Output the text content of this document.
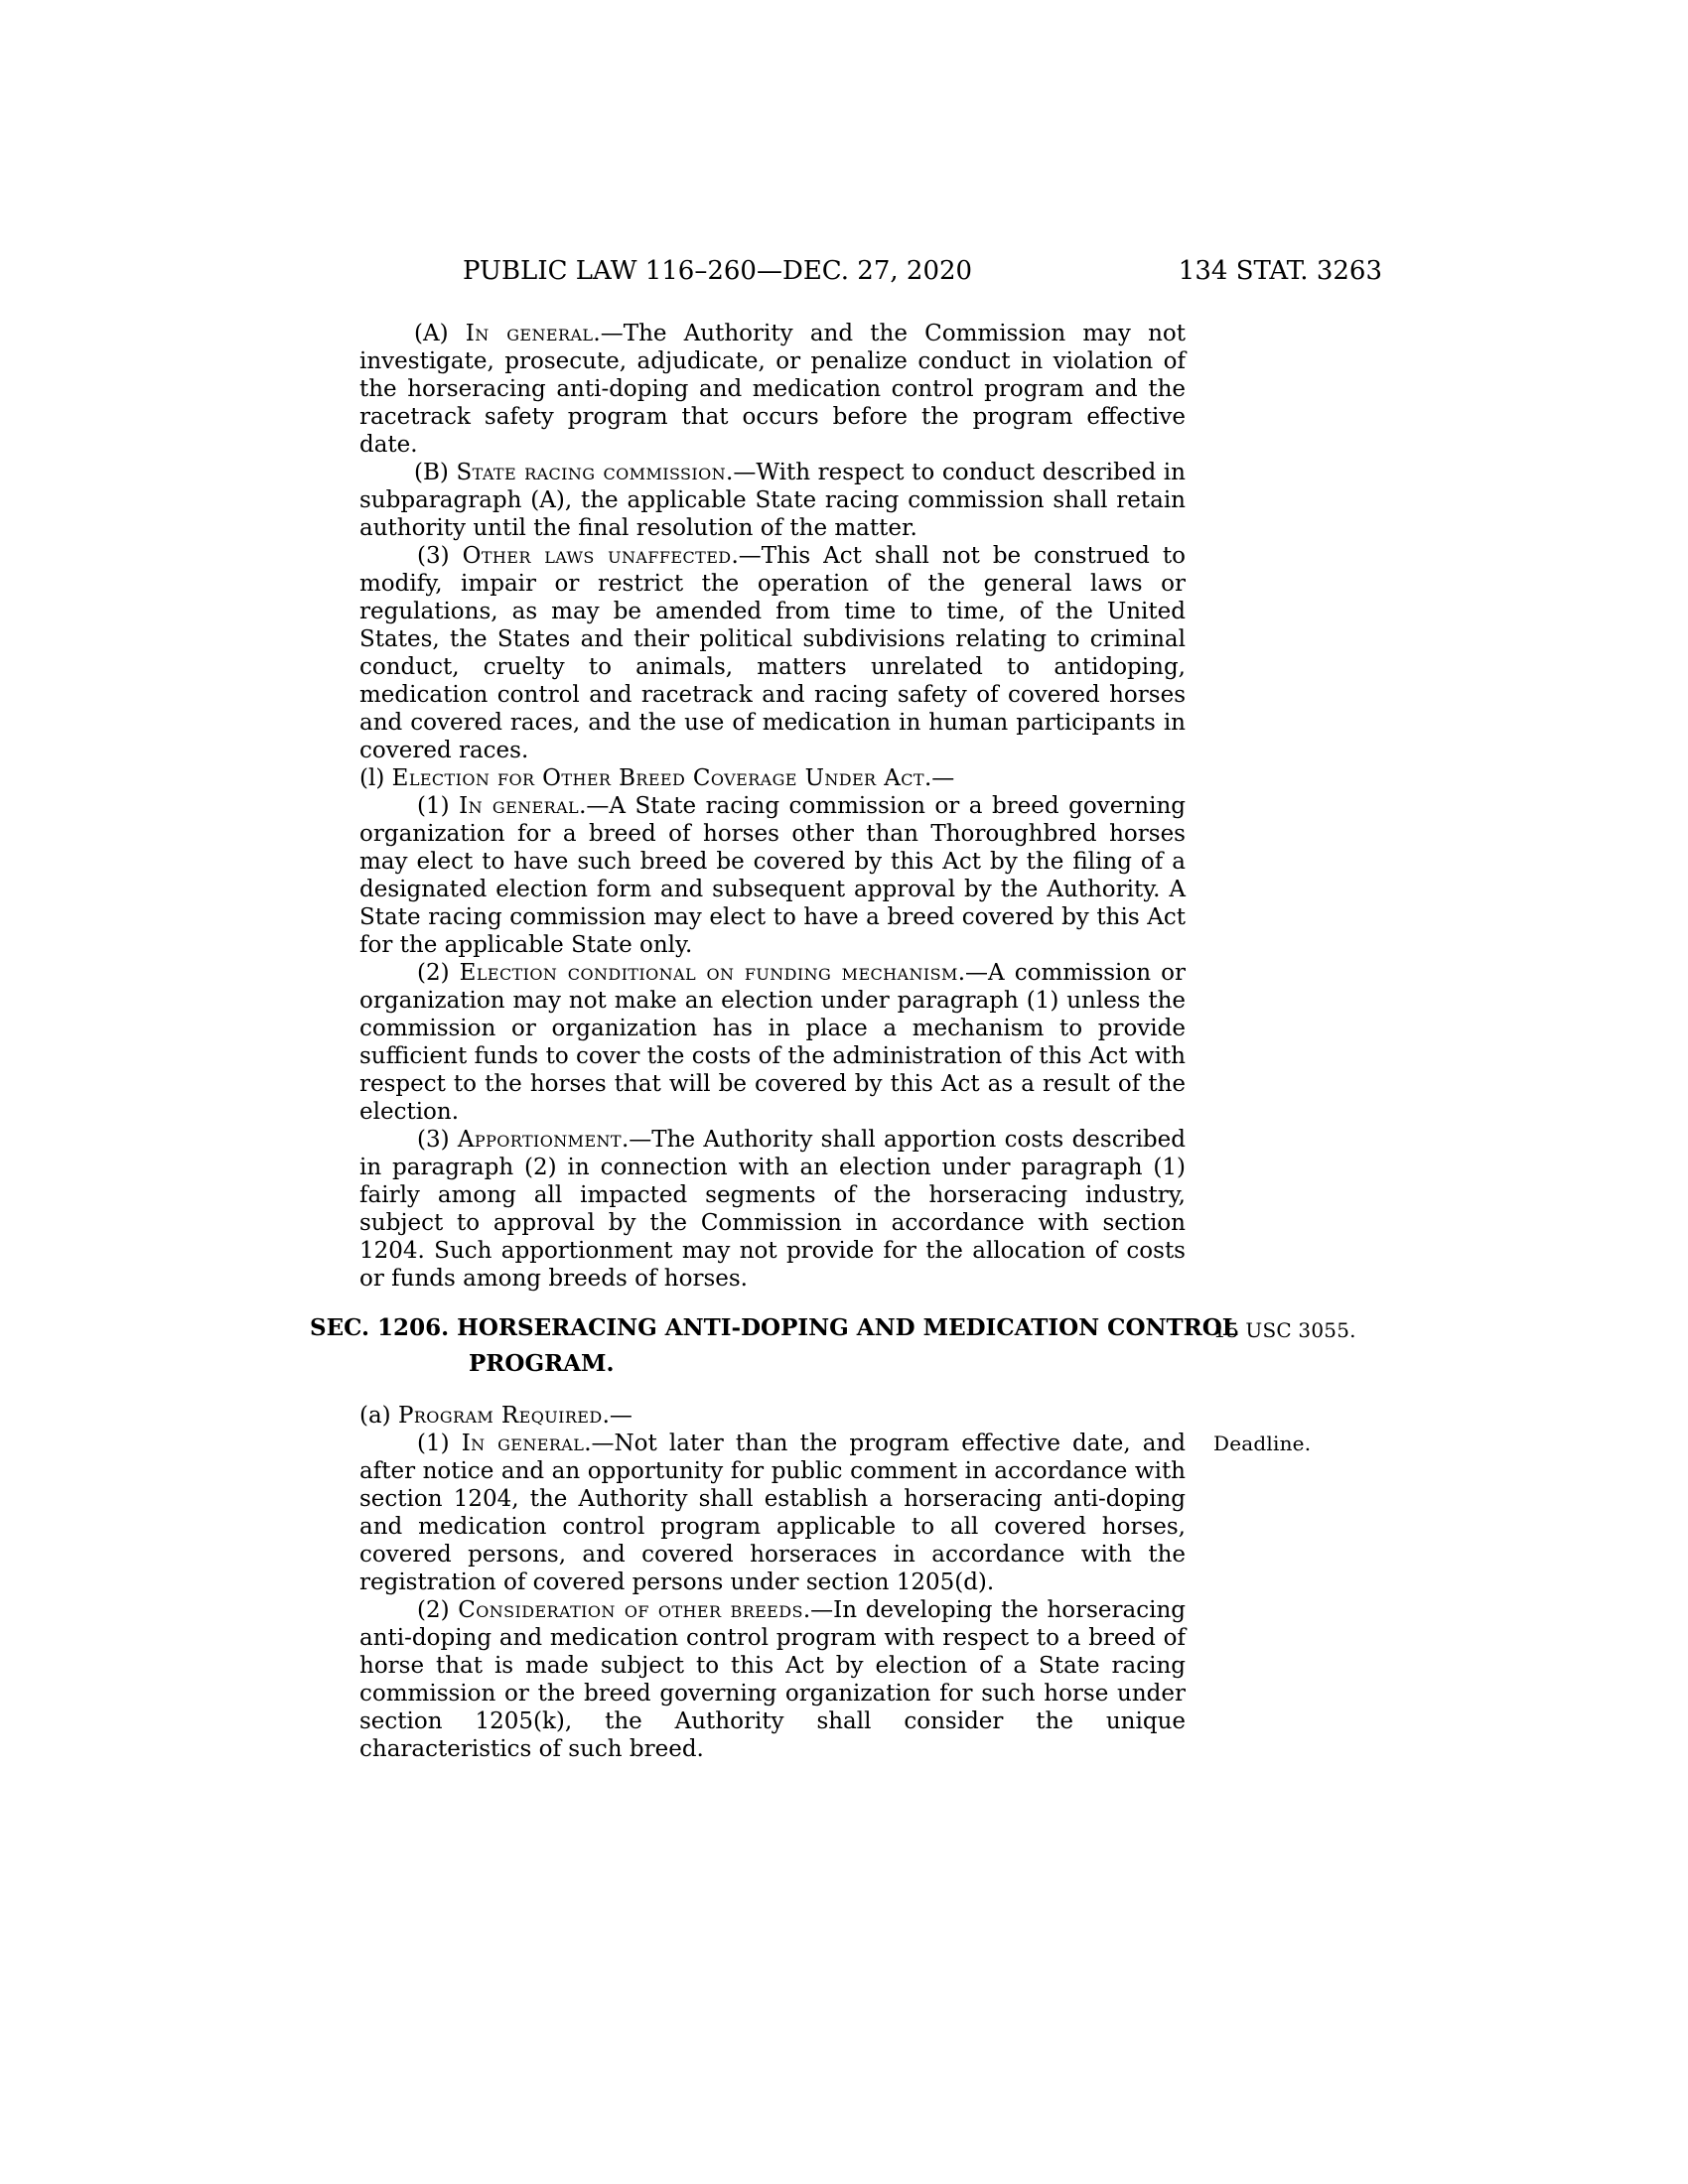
PUBLIC LAW 116–260—DEC. 27, 2020	134 STAT. 3263

(A) In general.—The Authority and the Commission may not investigate, prosecute, adjudicate, or penalize conduct in violation of the horseracing anti-doping and medication control program and the racetrack safety program that occurs before the program effective date.

(B) State racing commission.—With respect to conduct described in subparagraph (A), the applicable State racing commission shall retain authority until the final resolution of the matter.

(3) Other laws unaffected.—This Act shall not be construed to modify, impair or restrict the operation of the general laws or regulations, as may be amended from time to time, of the United States, the States and their political subdivisions relating to criminal conduct, cruelty to animals, matters unrelated to antidoping, medication control and racetrack and racing safety of covered horses and covered races, and the use of medication in human participants in covered races.

(l) Election for Other Breed Coverage Under Act.—

(1) In general.—A State racing commission or a breed governing organization for a breed of horses other than Thoroughbred horses may elect to have such breed be covered by this Act by the filing of a designated election form and subsequent approval by the Authority. A State racing commission may elect to have a breed covered by this Act for the applicable State only.

(2) Election conditional on funding mechanism.—A commission or organization may not make an election under paragraph (1) unless the commission or organization has in place a mechanism to provide sufficient funds to cover the costs of the administration of this Act with respect to the horses that will be covered by this Act as a result of the election.

(3) Apportionment.—The Authority shall apportion costs described in paragraph (2) in connection with an election under paragraph (1) fairly among all impacted segments of the horseracing industry, subject to approval by the Commission in accordance with section 1204. Such apportionment may not provide for the allocation of costs or funds among breeds of horses.

15 USC 3055.
SEC. 1206. HORSERACING ANTI-DOPING AND MEDICATION CONTROL
PROGRAM.

(a) Program Required.—

Deadline.
(1) In general.—Not later than the program effective date, and after notice and an opportunity for public comment in accordance with section 1204, the Authority shall establish a horseracing anti-doping and medication control program applicable to all covered horses, covered persons, and covered horseraces in accordance with the registration of covered persons under section 1205(d).

(2) Consideration of other breeds.—In developing the horseracing anti-doping and medication control program with respect to a breed of horse that is made subject to this Act by election of a State racing commission or the breed governing organization for such horse under section 1205(k), the Authority shall consider the unique characteristics of such breed.
